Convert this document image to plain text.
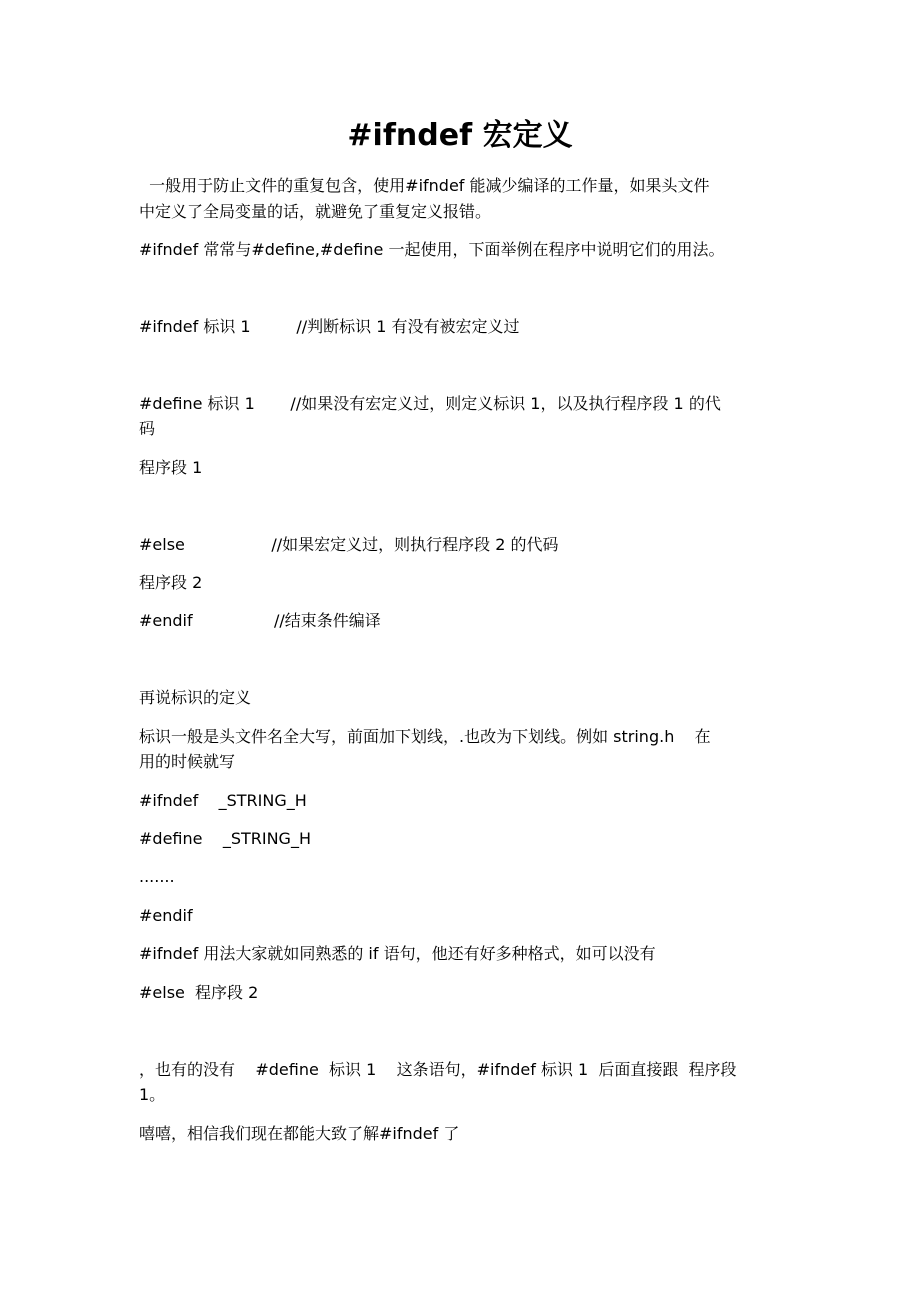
#ifndef 宏定义
一般用于防止文件的重复包含，使用#ifndef 能减少编译的工作量，如果头文件
中定义了全局变量的话，就避免了重复定义报错。
#ifndef 常常与#define,#define 一起使用，下面举例在程序中说明它们的用法。
#ifndef 标识 1         //判断标识 1 有没有被宏定义过
#define 标识 1       //如果没有宏定义过，则定义标识 1，以及执行程序段 1 的代
码
程序段 1
#else                 //如果宏定义过，则执行程序段 2 的代码
程序段 2
#endif                //结束条件编译
再说标识的定义
标识一般是头文件名全大写，前面加下划线，.也改为下划线。例如 string.h    在
用的时候就写
#ifndef    _STRING_H
#define    _STRING_H
.......
#endif
#ifndef 用法大家就如同熟悉的 if 语句，他还有好多种格式，如可以没有
#else  程序段 2
，也有的没有    #define  标识 1    这条语句，#ifndef 标识 1  后面直接跟  程序段
1。
嘻嘻，相信我们现在都能大致了解#ifndef 了
